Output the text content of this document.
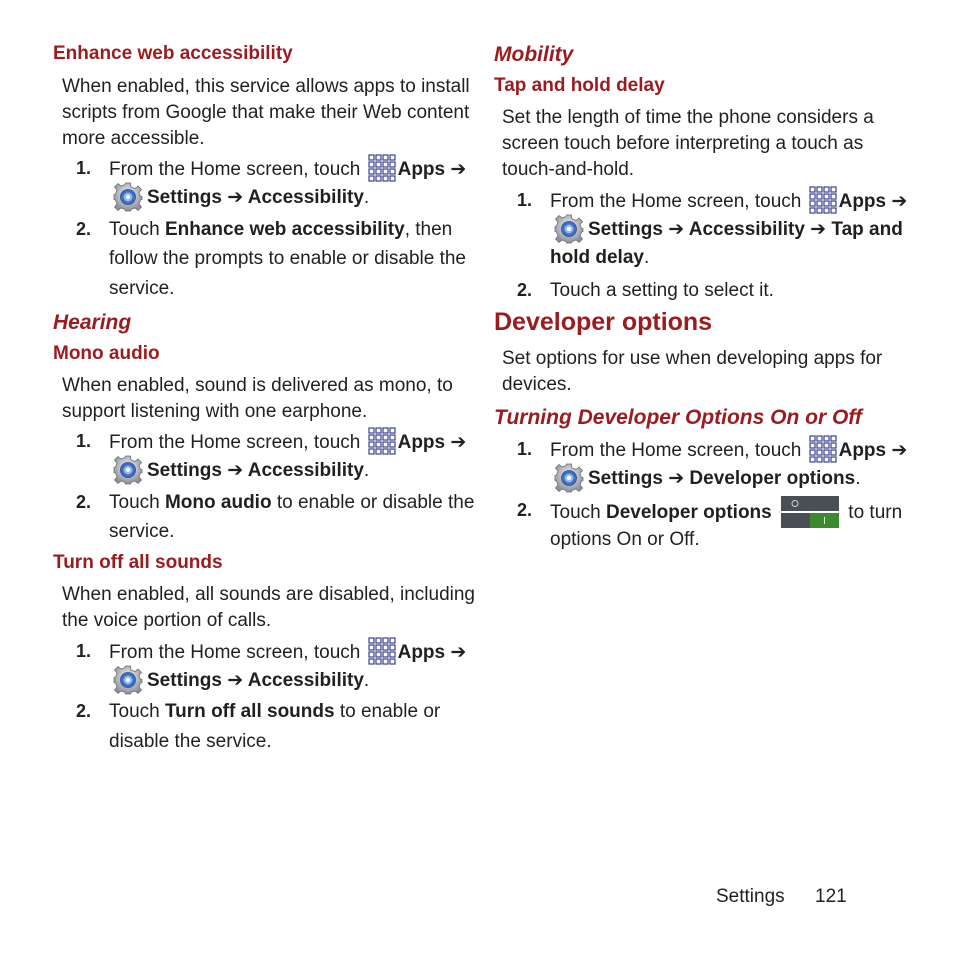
Enhance web accessibility
When enabled, this service allows apps to install
scripts from Google that make their Web content
more accessible.
1. From the Home screen, touch Apps ➔
Settings ➔ Accessibility.
2. Touch Enhance web accessibility, then
follow the prompts to enable or disable the
service.
Hearing
Mono audio
When enabled, sound is delivered as mono, to
support listening with one earphone.
1. From the Home screen, touch Apps ➔
Settings ➔ Accessibility.
2. Touch Mono audio to enable or disable the
service.
Turn off all sounds
When enabled, all sounds are disabled, including
the voice portion of calls.
1. From the Home screen, touch Apps ➔
Settings ➔ Accessibility.
2. Touch Turn off all sounds to enable or
disable the service.
Mobility
Tap and hold delay
Set the length of time the phone considers a
screen touch before interpreting a touch as
touch-and-hold.
1. From the Home screen, touch Apps ➔
Settings ➔ Accessibility ➔ Tap and
hold delay.
2. Touch a setting to select it.
Developer options
Set options for use when developing apps for
devices.
Turning Developer Options On or Off
1. From the Home screen, touch Apps ➔
Settings ➔ Developer options.
2. Touch Developer options	to turn
options On or Off.
Settings 121
